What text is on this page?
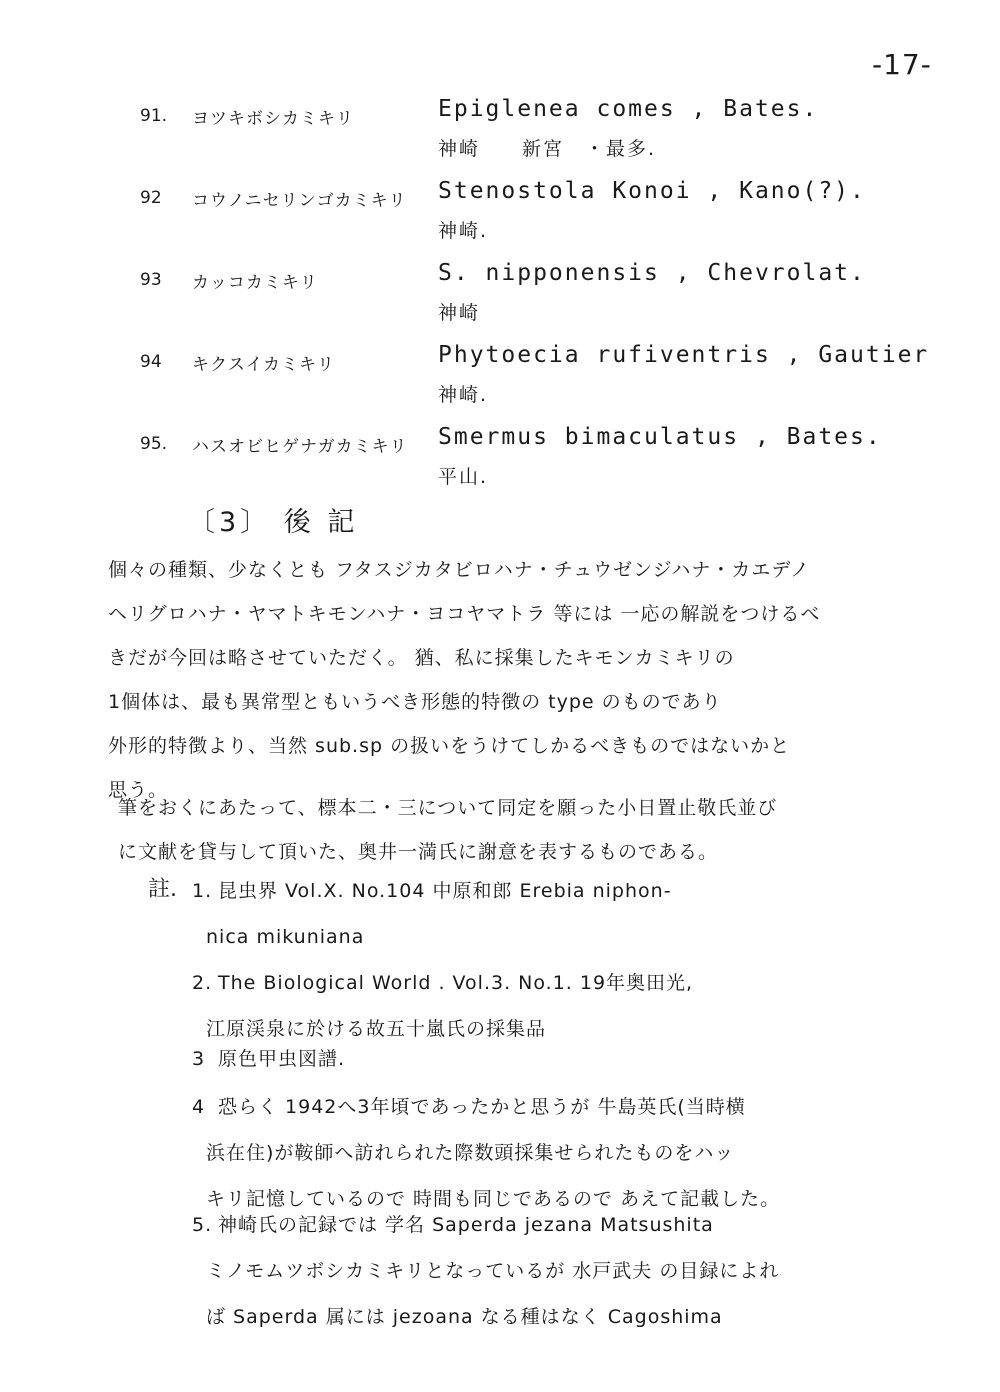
-17-
91.	ヨツキボシカミキリ	Epiglenea comes , Bates.
神崎　　新宮　・最多.
92	コウノニセリンゴカミキリ	Stenostola Konoi , Kano(?).
神崎.
93	カッコカミキリ	S. nipponensis , Chevrolat.
神崎
94	キクスイカミキリ	Phytoecia rufiventris , Gautier
神崎.
95.	ハスオビヒゲナガカミキリ	Smermus bimaculatus , Bates.
平山.
〔3〕 後 記
個々の種類、少なくとも フタスジカタビロハナ・チュウゼンジハナ・カエデノ
ヘリグロハナ・ヤマトキモンハナ・ヨコヤマトラ 等には 一応の解説をつけるべ
きだが今回は略させていただく。 猶、私に採集したキモンカミキリの
1個体は、最も異常型ともいうべき形態的特徴の type のものであり
外形的特徴より、当然 sub.sp の扱いをうけてしかるべきものではないかと
思う。
筆をおくにあたって、標本二・三について同定を願った小日置止敬氏並び
に文献を貸与して頂いた、奥井一満氏に謝意を表するものである。
註. 1. 昆虫界 Vol.X. No.104 中原和郎 Erebia niphon-
nica mikuniana
2. The Biological World . Vol.3. No.1. 19年奥田光,
江原渓泉に於ける故五十嵐氏の採集品
3 原色甲虫図譜.
4 恐らく 1942へ3年頃であったかと思うが 牛島英氏(当時横
浜在住)が鞍師へ訪れられた際数頭採集せられたものをハッ
キリ記憶しているので 時間も同じであるので あえて記載した。
5. 神崎氏の記録では 学名 Saperda jezana Matsushita
ミノモムツボシカミキリとなっているが 水戸武夫 の目録によれ
ば Saperda 属には jezoana なる種はなく Cagoshima
